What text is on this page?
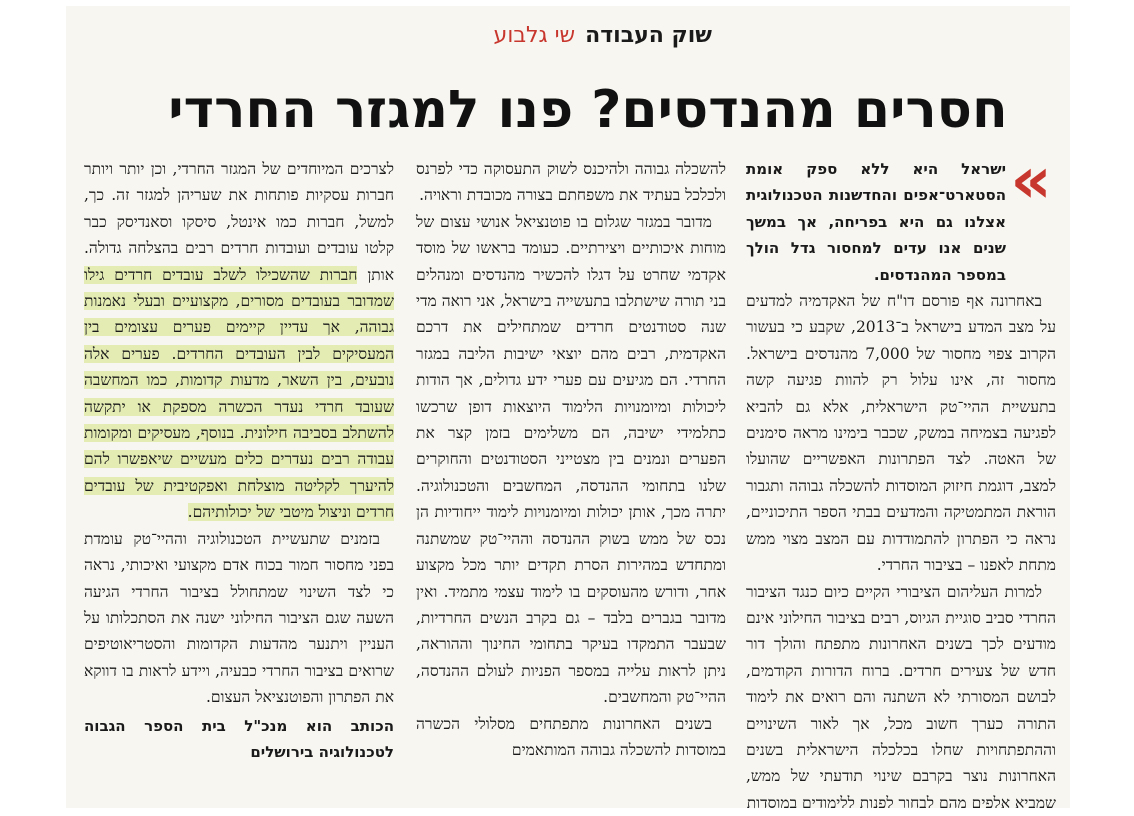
שוק העבודהשי גלבוע
חסרים מהנדסים? פנו למגזר החרדי
«

ישראל היא ללא ספק אומת הסטארט־אפים והחדשנות הטכנולוגית אצלנו גם היא בפריחה, אך במשך שנים אנו עדים למחסור גדל הולך במספר המהנדסים.

באחרונה אף פורסם דו"ח של האקדמיה למדעים על מצב המדע בישראל ב־2013, שקבע כי בעשור הקרוב צפוי מחסור של 7,000 מהנדסים בישראל. מחסור זה, אינו עלול רק להוות פגיעה קשה בתעשיית ההיי־טק הישראלית, אלא גם להביא לפגיעה בצמיחה במשק, שכבר בימינו מראה סימנים של האטה. לצד הפתרונות האפשריים שהועלו למצב, דוגמת חיזוק המוסדות להשכלה גבוהה ותגבור הוראת המתמטיקה והמדעים בבתי הספר התיכוניים, נראה כי הפתרון להתמודדות עם המצב מצוי ממש מתחת לאפנו – בציבור החרדי.

למרות העליהום הציבורי הקיים כיום כנגד הציבור החרדי סביב סוגיית הגיוס, רבים בציבור החילוני אינם מודעים לכך בשנים האחרונות מתפתח והולך דור חדש של צעירים חרדים. ברוח הדורות הקודמים, לבושם המסורתי לא השתנה והם רואים את לימוד התורה כערך חשוב מכל, אך לאור השינויים וההתפתחויות שחלו בכלכלה הישראלית בשנים האחרונות נוצר בקרבם שינוי תודעתי של ממש, שמביא אלפים מהם לבחור לפנות ללימודים במוסדות

להשכלה גבוהה ולהיכנס לשוק התעסוקה כדי לפרנס ולכלכל בעתיד את משפחתם בצורה מכובדת וראויה.

מדובר במגזר שגלום בו פוטנציאל אנושי עצום של מוחות איכותיים ויצירתיים. כעומד בראשו של מוסד אקדמי שחרט על דגלו להכשיר מהנדסים ומנהלים בני תורה שישתלבו בתעשייה בישראל, אני רואה מדי שנה סטודנטים חרדים שמתחילים את דרכם האקדמית, רבים מהם יוצאי ישיבות הליבה במגזר החרדי. הם מגיעים עם פערי ידע גדולים, אך הודות ליכולות ומיומנויות הלימוד היוצאות דופן שרכשו כתלמידי ישיבה, הם משלימים בזמן קצר את הפערים ונמנים בין מצטייני הסטודנטים והחוקרים שלנו בתחומי ההנדסה, המחשבים והטכנולוגיה. יתרה מכך, אותן יכולות ומיומנויות לימוד ייחודיות הן נכס של ממש בשוק ההנדסה וההיי־טק שמשתנה ומתחדש במהירות הסרת תקדים יותר מכל מקצוע אחר, ודורש מהעוסקים בו לימוד עצמי מתמיד. ואין מדובר בגברים בלבד – גם בקרב הנשים החרדיות, שבעבר התמקדו בעיקר בתחומי החינוך וההוראה, ניתן לראות עלייה במספר הפניות לעולם ההנדסה, ההיי־טק והמחשבים.

בשנים האחרונות מתפתחים מסלולי הכשרה במוסדות להשכלה גבוהה המותאמים

לצרכים המיוחדים של המגזר החרדי, וכן יותר ויותר חברות עסקיות פותחות את שעריהן למגזר זה. כך, למשל, חברות כמו אינטל, סיסקו וסאנדיסק כבר קלטו עובדים ועובדות חרדים רבים בהצלחה גדולה. אותן חברות שהשכילו לשלב עובדים חרדים גילו שמדובר בעובדים מסורים, מקצועיים ובעלי נאמנות גבוהה, אך עדיין קיימים פערים עצומים בין המעסיקים לבין העובדים החרדים. פערים אלה נובעים, בין השאר, מדעות קדומות, כמו המחשבה שעובד חרדי נעדר הכשרה מספקת או יתקשה להשתלב בסביבה חילונית. בנוסף, מעסיקים ומקומות עבודה רבים נעדרים כלים מעשיים שיאפשרו להם להיערך לקליטה מוצלחת ואפקטיבית של עובדים חרדים וניצול מיטבי של יכולותיהם.

בזמנים שתעשיית הטכנולוגיה וההיי־טק עומדת בפני מחסור חמור בכוח אדם מקצועי ואיכותי, נראה כי לצד השינוי שמתחולל בציבור החרדי הגיעה השעה שגם הציבור החילוני ישנה את הסתכלותו על העניין ויתנער מהדעות הקדומות והסטריאוטיפים שרואים בציבור החרדי כבעיה, ויידע לראות בו דווקא את הפתרון והפוטנציאל העצום.

הכותב הוא מנכ"ל בית הספר הגבוה לטכנולוגיה בירושלים
